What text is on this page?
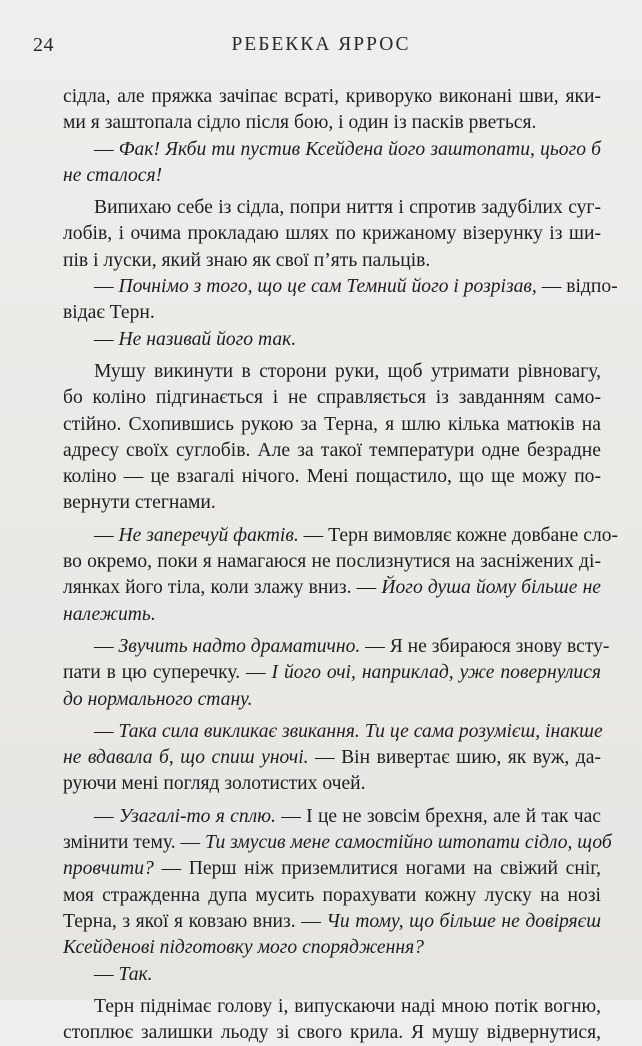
24	РЕБЕККА ЯРРОС
сідла, але пряжка зачіпає всраті, криворуко виконані шви, яки-
ми я заштопала сідло після бою, і один із пасків рветься.
— Фак! Якби ти пустив Ксейдена його заштопати, цього б
не сталося!
Випихаю себе із сідла, попри ниття і спротив задубілих суг-
лобів, і очима прокладаю шлях по крижаному візерунку із ши-
пів і луски, який знаю як свої п’ять пальців.
— Почнімо з того, що це сам Темний його і розрізав, — відпо-
відає Терн.
— Не називай його так.
Мушу викинути в сторони руки, щоб утримати рівновагу,
бо коліно підгинається і не справляється із завданням само-
стійно. Схопившись рукою за Терна, я шлю кілька матюків на
адресу своїх суглобів. Але за такої температури одне безрадне
коліно — це взагалі нічого. Мені пощастило, що ще можу по-
вернути стегнами.
— Не заперечуй фактів. — Терн вимовляє кожне довбане сло-
во окремо, поки я намагаюся не послизнутися на засніжених ді-
лянках його тіла, коли злажу вниз. — Його душа йому більше не
належить.
— Звучить надто драматично. — Я не збираюся знову всту-
пати в цю суперечку. — І його очі, наприклад, уже повернулися
до нормального стану.
— Така сила викликає звикання. Ти це сама розумієш, інакше
не вдавала б, що спиш уночі. — Він вивертає шию, як вуж, да-
руючи мені погляд золотистих очей.
— Узагалі-то я сплю. — І це не зовсім брехня, але й так час
змінити тему. — Ти змусив мене самостійно штопати сідло, щоб
провчити? — Перш ніж приземлитися ногами на свіжий сніг,
моя стражденна дупа мусить порахувати кожну луску на нозі
Терна, з якої я ковзаю вниз. — Чи тому, що більше не довіряєш
Ксейденові підготовку мого спорядження?
— Так.
Терн піднімає голову і, випускаючи наді мною потік вогню,
стоплює залишки льоду зі свого крила. Я мушу відвернутися,
